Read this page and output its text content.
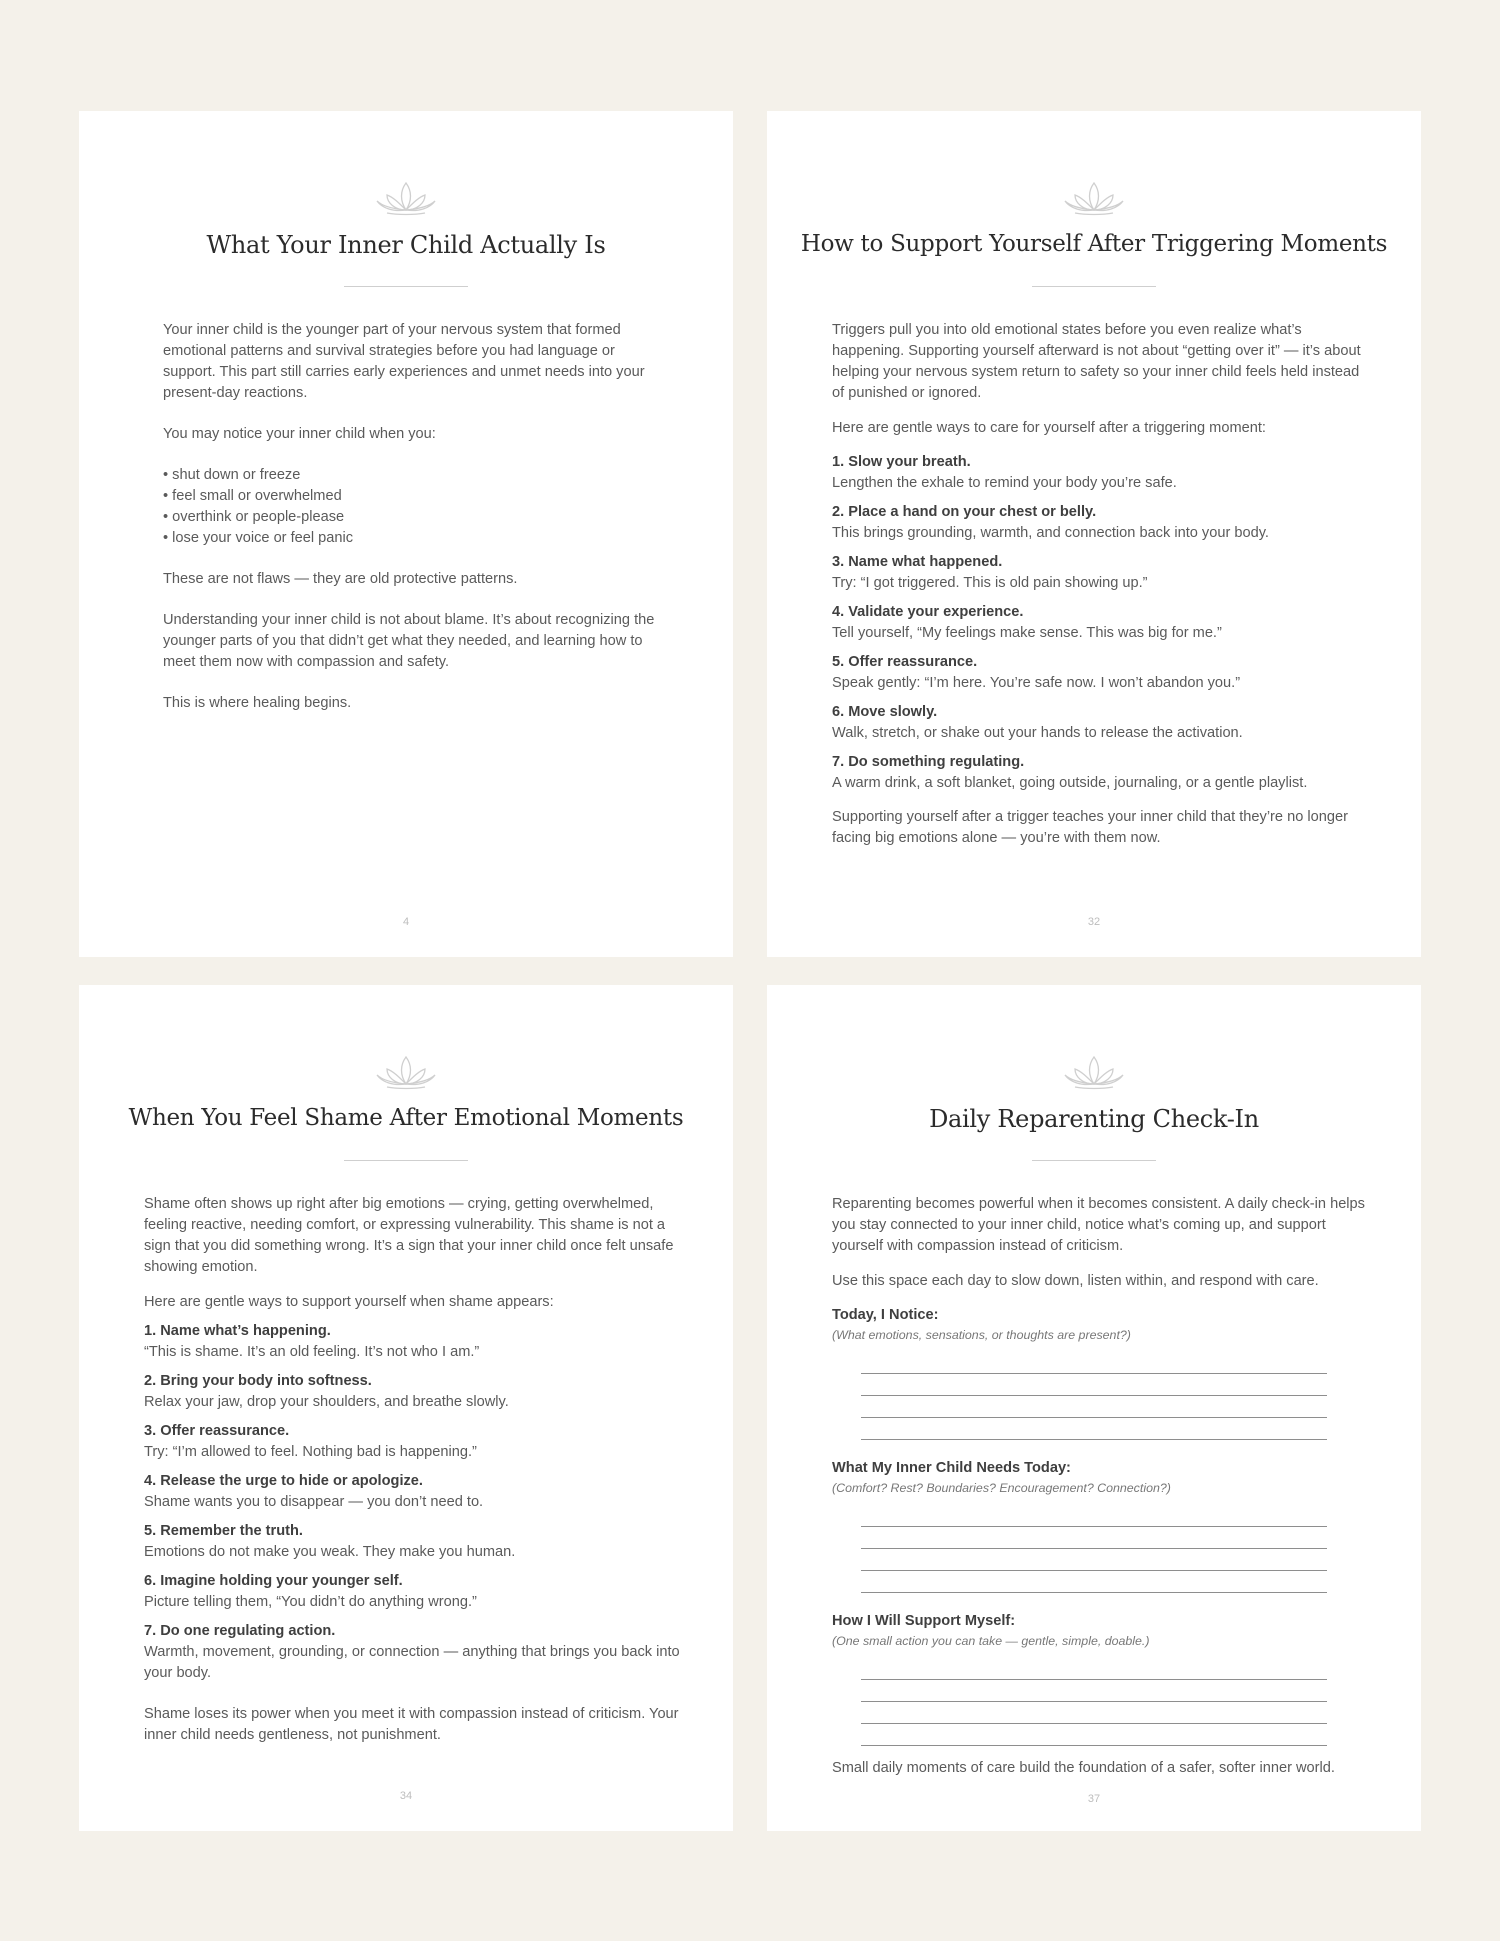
What Your Inner Child Actually Is

Your inner child is the younger part of your nervous system that formed emotional patterns and survival strategies before you had language or support. This part still carries early experiences and unmet needs into your present-day reactions.

You may notice your inner child when you:

• shut down or freeze
• feel small or overwhelmed
• overthink or people-please
• lose your voice or feel panic

These are not flaws — they are old protective patterns.

Understanding your inner child is not about blame. It’s about recognizing the younger parts of you that didn’t get what they needed, and learning how to meet them now with compassion and safety.

This is where healing begins.

4
How to Support Yourself After Triggering Moments

Triggers pull you into old emotional states before you even realize what’s happening. Supporting yourself afterward is not about “getting over it” — it’s about helping your nervous system return to safety so your inner child feels held instead of punished or ignored.

Here are gentle ways to care for yourself after a triggering moment:

1. Slow your breath.
Lengthen the exhale to remind your body you’re safe.
2. Place a hand on your chest or belly.
This brings grounding, warmth, and connection back into your body.
3. Name what happened.
Try: “I got triggered. This is old pain showing up.”
4. Validate your experience.
Tell yourself, “My feelings make sense. This was big for me.”
5. Offer reassurance.
Speak gently: “I’m here. You’re safe now. I won’t abandon you.”
6. Move slowly.
Walk, stretch, or shake out your hands to release the activation.
7. Do something regulating.
A warm drink, a soft blanket, going outside, journaling, or a gentle playlist.

Supporting yourself after a trigger teaches your inner child that they’re no longer facing big emotions alone — you’re with them now.

32
When You Feel Shame After Emotional Moments

Shame often shows up right after big emotions — crying, getting overwhelmed, feeling reactive, needing comfort, or expressing vulnerability. This shame is not a sign that you did something wrong. It’s a sign that your inner child once felt unsafe showing emotion.

Here are gentle ways to support yourself when shame appears:

1. Name what’s happening.
“This is shame. It’s an old feeling. It’s not who I am.”
2. Bring your body into softness.
Relax your jaw, drop your shoulders, and breathe slowly.
3. Offer reassurance.
Try: “I’m allowed to feel. Nothing bad is happening.”
4. Release the urge to hide or apologize.
Shame wants you to disappear — you don’t need to.
5. Remember the truth.
Emotions do not make you weak. They make you human.
6. Imagine holding your younger self.
Picture telling them, “You didn’t do anything wrong.”
7. Do one regulating action.
Warmth, movement, grounding, or connection — anything that brings you back into your body.

Shame loses its power when you meet it with compassion instead of criticism. Your inner child needs gentleness, not punishment.

34
Daily Reparenting Check-In

Reparenting becomes powerful when it becomes consistent. A daily check-in helps you stay connected to your inner child, notice what’s coming up, and support yourself with compassion instead of criticism.

Use this space each day to slow down, listen within, and respond with care.

Today, I Notice:
(What emotions, sensations, or thoughts are present?)
What My Inner Child Needs Today:
(Comfort? Rest? Boundaries? Encouragement? Connection?)
How I Will Support Myself:
(One small action you can take — gentle, simple, doable.)

Small daily moments of care build the foundation of a safer, softer inner world.

37
